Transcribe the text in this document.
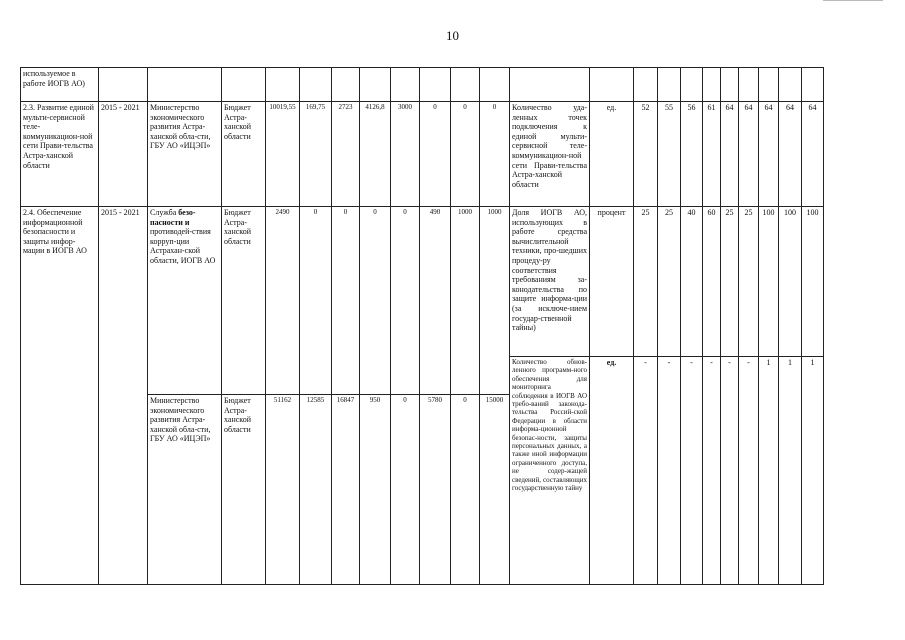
10
используемое в работе ИОГВ АО)																						
2.3. Развитие единой мульти-сервисной теле-коммуникацион-ной сети Прави-тельства Астра-ханской области	2015 - 2021	Министерство экономического развития Астра-ханской обла-сти, ГБУ АО «ИЦЭП»	Бюджет Астра-ханской области	10019,55	169,75	2723	4126,8	3000	0	0	0	Количество уда-ленных точек подключения к единой мульти-сервисной теле-коммуникацион-ной сети Прави-тельства Астра-ханской области	ед.	52	55	56	61	64	64	64	64	64
2.4. Обеспечение информационной безопасности и защиты инфор-мации в ИОГВ АО	2015 - 2021	Служба безо-пасности и противодей-ствия корруп-ции Астрахан-ской области, ИОГВ АО	Бюджет Астра-ханской области	2490	0	0	0	0	490	1000	1000	Доля ИОГВ АО, использующих в работе средства вычислительной техники, про-шедших процеду-ру соответствия требованиям за-конодательства по защите информа-ции (за исключе-нием государ-ственной тайны)	процент	25	25	40	60	25	25	100	100	100
												Количество обнов-ленного программ-ного обеспечения для мониторинга соблюдения в ИОГВ АО требо-ваний законода-тельства Россий-ской Федерации в области информа-ционной безопас-ности, защиты персональных данных, а также иной информации ограниченного доступа, не содер-жащей сведений, составляющих государственную тайну	ед.	-	-	-	-	-	-	1	1	1
		Министерство экономического развития Астра-ханской обла-сти, ГБУ АО «ИЦЭП»	Бюджет Астра-ханской области	51162	12585	16847	950	0	5780	0	15000											
